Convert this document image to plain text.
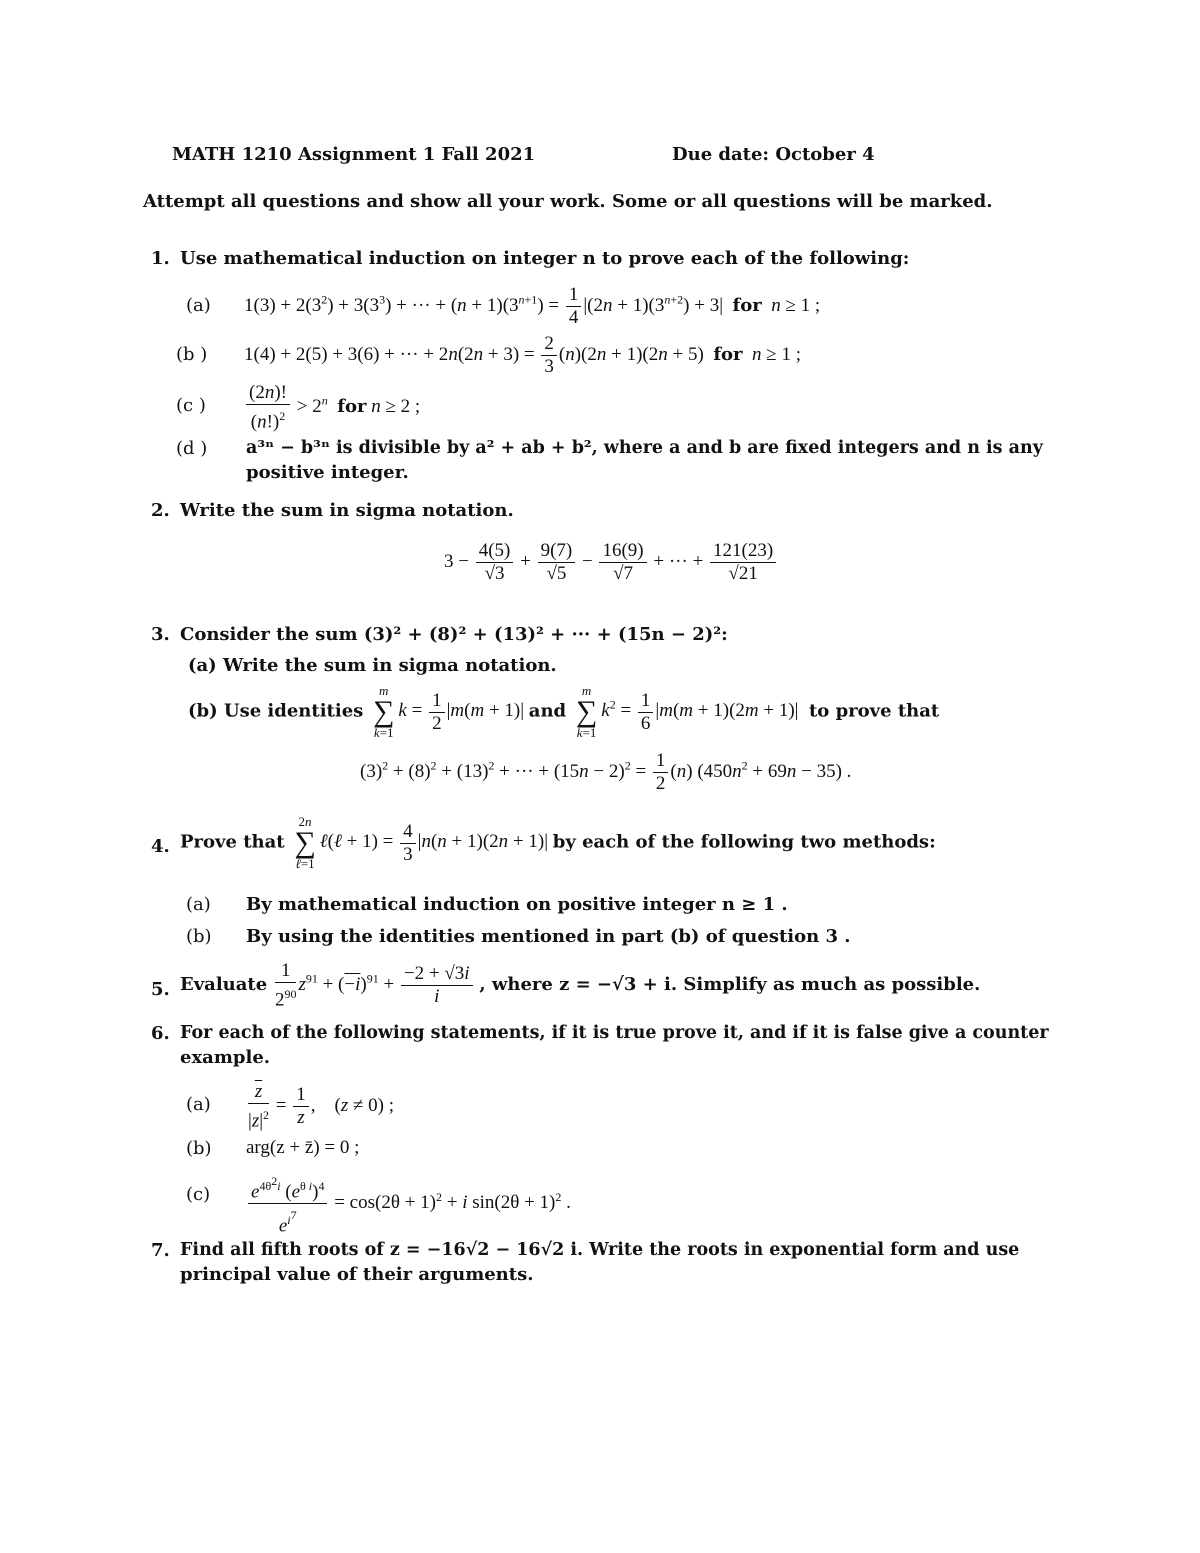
MATH 1210 Assignment 1 Fall 2021	Due date: October 4
Attempt all questions and show all your work. Some or all questions will be marked.
1. Use mathematical induction on integer n to prove each of the following:
(a) $1(3) + 2(3^2) + 3(3^3)$ + ··· + $(n + 1)(3^{n+1}) = \frac{1}{4} |(2n + 1)(3^{n+2}) + 3|$  for n ≥ 1 ;
(b ) 1(4) + 2(5) + 3(6) + ··· + $2n(2n + 3) = \frac{2}{3} (n)(2n + 1)(2n + 5)$  for n ≥ 1 ;
(c ) $\frac{(2n)!}{(n!)^2} > 2^n$ for n ≥ 2 ;
(d ) a³ⁿ − b³ⁿ is divisible by a² + ab + b², where a and b are fixed integers and n is any
positive integer.
2. Write the sum in sigma notation.
$3 - \frac{4(5)}{√3} + \frac{9(7)}{√5} - \frac{16(9)}{√7}$ + ··· + $\frac{121(23)}{√21}$
3. Consider the sum (3)² + (8)² + (13)² + ··· + (15n − 2)²:
(a) Write the sum in sigma notation.
(b) Use identities
m
∑
k=1
$k = \frac{1}{2} |m(m + 1)|$ and
m
∑
k=1
$k^2 = \frac{1}{6} |m(m + 1)(2m + 1)|$  to prove that
$(3)^2 + (8)^2 + (13)^2$ + ··· + $(15n - 2)^2 = \frac{1}{2} (n)$ $(450n^2 + 69n - 35)$ .
4. Prove that
2n
∑
ℓ=1
ℓ(ℓ + $1) = \frac{4}{3} |n(n + 1)(2n + 1)|$ by each of the following two methods:
(a) By mathematical induction on positive integer n ≥ 1 .
(b) By using the identities mentioned in part (b) of question 3 .
5. Evaluate $\frac{1}{2^{90}} z^{91} + (-i)^{91} + \frac{-2 + √3i}{i}$ , where z = −√3 + i. Simplify as much as possible.
6. For each of the following statements, if it is true prove it, and if it is false give a counter
example.
$(a) \frac{\overline{z}}{|z|^2} = \frac{1}{z}$ ,    (z ≠ 0) ;
(b) arg(z + z̄) = 0 ;
$(c) \frac{e^{4\theta^2i} (e^{\theta i})^4}{e^{i^7}} = \cos(2\theta + 1)^2 + i$ $\sin(2\theta + 1)^2$ .
7. Find all fifth roots of z = −16√2 − 16√2 i. Write the roots in exponential form and use
principal value of their arguments.
